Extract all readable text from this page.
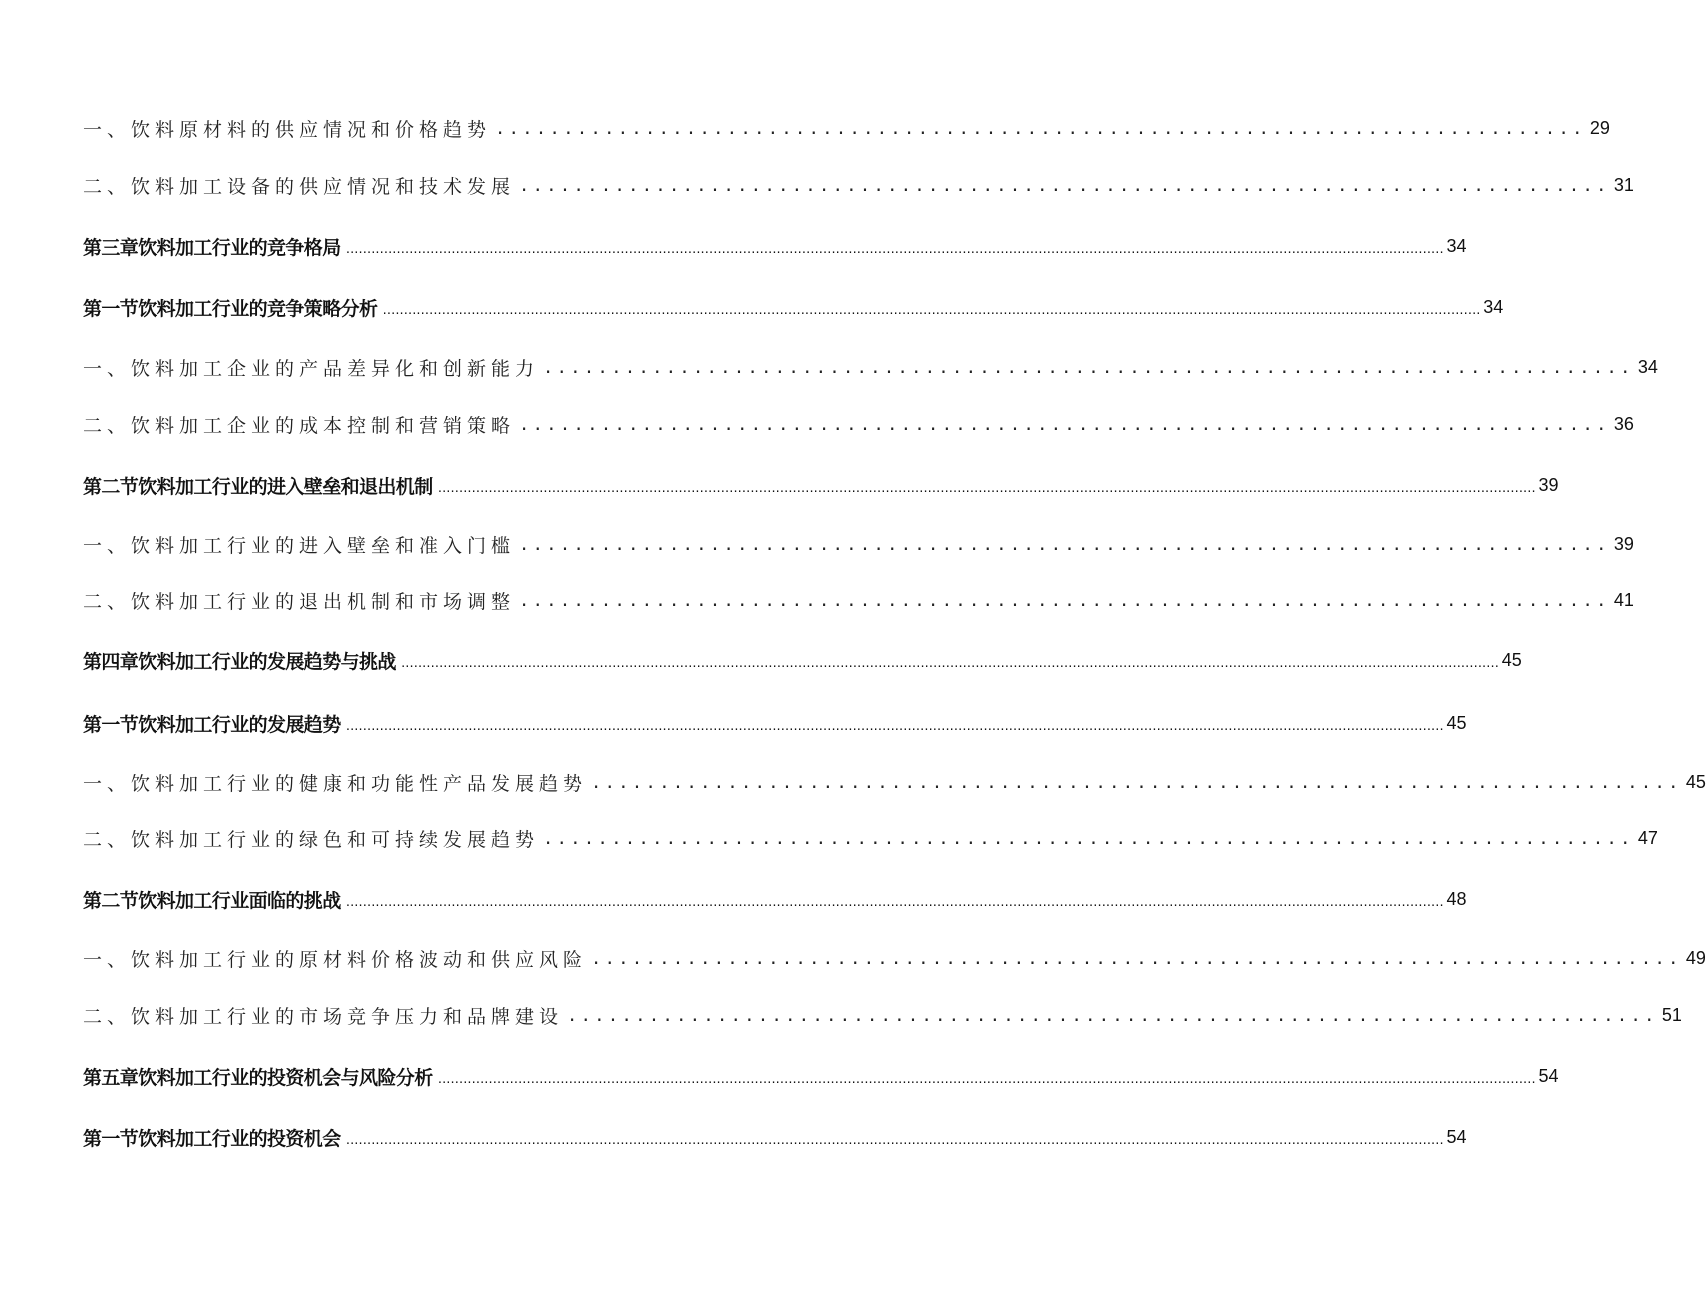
一、饮料原材料的供应情况和价格趋势 ................................................................................ 29
二、饮料加工设备的供应情况和技术发展 ................................................................................ 31
第三章饮料加工行业的竞争格局 .................................................................................................................................................................................................................................................................... 34
第一节饮料加工行业的竞争策略分析 .................................................................................................................................................................................................................................................................... 34
一、饮料加工企业的产品差异化和创新能力 ................................................................................ 34
二、饮料加工企业的成本控制和营销策略 ................................................................................ 36
第二节饮料加工行业的进入壁垒和退出机制 .................................................................................................................................................................................................................................................................... 39
一、饮料加工行业的进入壁垒和准入门槛 ................................................................................ 39
二、饮料加工行业的退出机制和市场调整 ................................................................................ 41
第四章饮料加工行业的发展趋势与挑战 .................................................................................................................................................................................................................................................................... 45
第一节饮料加工行业的发展趋势 .................................................................................................................................................................................................................................................................... 45
一、饮料加工行业的健康和功能性产品发展趋势 ................................................................................ 45
二、饮料加工行业的绿色和可持续发展趋势 ................................................................................ 47
第二节饮料加工行业面临的挑战 .................................................................................................................................................................................................................................................................... 48
一、饮料加工行业的原材料价格波动和供应风险 ................................................................................ 49
二、饮料加工行业的市场竞争压力和品牌建设 ................................................................................ 51
第五章饮料加工行业的投资机会与风险分析 .................................................................................................................................................................................................................................................................... 54
第一节饮料加工行业的投资机会 .................................................................................................................................................................................................................................................................... 54
